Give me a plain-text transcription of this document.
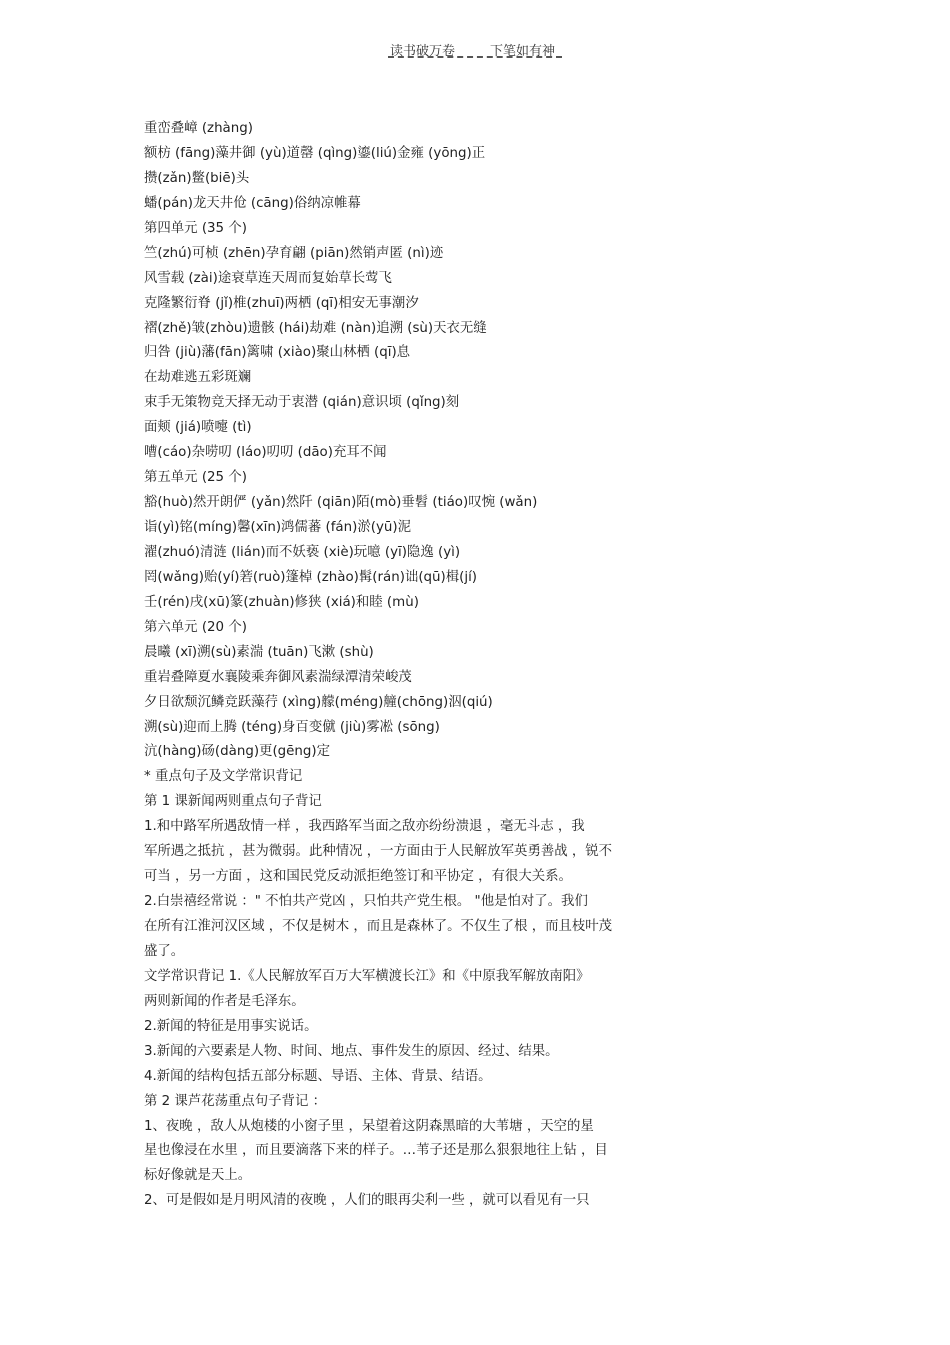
读书破万卷	下笔如有神
重峦叠嶂 (zhàng)
额枋 (fāng)藻井御 (yù)道罄 (qìng)鎏(liú)金雍 (yōng)正
攒(zǎn)鳖(biē)头
蟠(pán)龙天井伧 (cāng)俗纳凉帷幕
第四单元 (35 个)
竺(zhú)可桢 (zhēn)孕育翩 (piān)然销声匿 (nì)迹
风雪载 (zài)途衰草连天周而复始草长莺飞
克隆繁衍脊 (jǐ)椎(zhuī)两栖 (qī)相安无事潮汐
褶(zhě)皱(zhòu)遗骸 (hái)劫难 (nàn)追溯 (sù)天衣无缝
归咎 (jiù)藩(fān)篱啸 (xiào)聚山林栖 (qī)息
在劫难逃五彩斑斓
束手无策物竞天择无动于衷潜 (qián)意识顷 (qǐng)刻
面颊 (jiá)喷嚏 (tì)
嘈(cáo)杂唠叨 (láo)叨叨 (dāo)充耳不闻
第五单元 (25 个)
豁(huò)然开朗俨 (yǎn)然阡 (qiān)陌(mò)垂髫 (tiáo)叹惋 (wǎn)
诣(yì)铭(míng)馨(xīn)鸿儒蕃 (fán)淤(yū)泥
濯(zhuó)清涟 (lián)而不妖亵 (xiè)玩噫 (yī)隐逸 (yì)
罔(wǎng)贻(yí)箬(ruò)篷棹 (zhào)髯(rán)诎(qū)楫(jí)
壬(rén)戌(xū)篆(zhuàn)修狭 (xiá)和睦 (mù)
第六单元 (20 个)
晨曦 (xī)溯(sù)素湍 (tuān)飞漱 (shù)
重岩叠障夏水襄陵乘奔御风素湍绿潭清荣峻茂
夕日欲颓沉鳞竞跃藻荇 (xìng)艨(méng)艟(chōng)泅(qiú)
溯(sù)迎而上腾 (téng)身百变僦 (jiù)雾凇 (sōng)
沆(hàng)砀(dàng)更(gēng)定
* 重点句子及文学常识背记
第 1 课新闻两则重点句子背记
1.和中路军所遇敌情一样 ，我西路军当面之敌亦纷纷溃退 ，毫无斗志 ，我
军所遇之抵抗 ，甚为微弱。此种情况 ，一方面由于人民解放军英勇善战 ，锐不
可当 ，另一方面 ，这和国民党反动派拒绝签订和平协定 ，有很大关系。
2.白崇禧经常说 ：" 不怕共产党凶 ，只怕共产党生根。 "他是怕对了。我们
在所有江淮河汉区域 ，不仅是树木 ，而且是森林了。不仅生了根 ，而且枝叶茂
盛了。
文学常识背记 1.《人民解放军百万大军横渡长江》和《中原我军解放南阳》
两则新闻的作者是毛泽东。
2.新闻的特征是用事实说话。
3.新闻的六要素是人物、时间、地点、事件发生的原因、经过、结果。
4.新闻的结构包括五部分标题、导语、主体、背景、结语。
第 2 课芦花荡重点句子背记 ：
1、夜晚 ，敌人从炮楼的小窗子里 ，呆望着这阴森黑暗的大苇塘 ，天空的星
星也像浸在水里 ，而且要滴落下来的样子。…苇子还是那么狠狠地往上钻 ，目
标好像就是天上。
2、可是假如是月明风清的夜晚 ，人们的眼再尖利一些 ，就可以看见有一只
